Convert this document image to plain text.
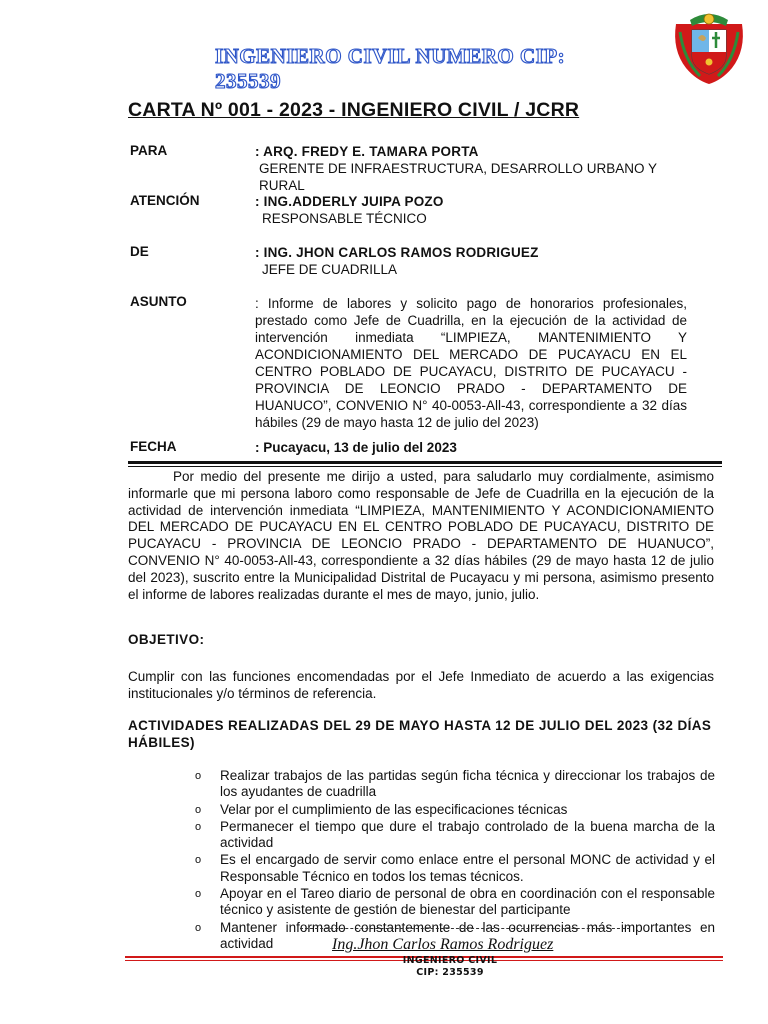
INGENIERO CIVIL NUMERO CIP: 235539
CARTA Nº 001 - 2023 - INGENIERO CIVIL / JCRR
PARA	: ARQ. FREDY E. TAMARA PORTA
GERENTE DE INFRAESTRUCTURA, DESARROLLO URBANO Y RURAL
ATENCIÓN	: ING.ADDERLY JUIPA POZO
RESPONSABLE TÉCNICO
DE	: ING. JHON CARLOS RAMOS RODRIGUEZ
JEFE DE CUADRILLA
ASUNTO	: Informe de labores y solicito pago de honorarios profesionales, prestado como Jefe de Cuadrilla, en la ejecución de la actividad de intervención inmediata “LIMPIEZA, MANTENIMIENTO Y ACONDICIONAMIENTO DEL MERCADO DE PUCAYACU EN EL CENTRO POBLADO DE PUCAYACU, DISTRITO DE PUCAYACU - PROVINCIA DE LEONCIO PRADO - DEPARTAMENTO DE HUANUCO”, CONVENIO N° 40-0053-All-43, correspondiente a 32 días hábiles (29 de mayo hasta 12 de julio del 2023)
FECHA	: Pucayacu, 13 de julio del 2023
Por medio del presente me dirijo a usted, para saludarlo muy cordialmente, asimismo informarle que mi persona laboro como responsable de Jefe de Cuadrilla en la ejecución de la actividad de intervención inmediata “LIMPIEZA, MANTENIMIENTO Y ACONDICIONAMIENTO DEL MERCADO DE PUCAYACU EN EL CENTRO POBLADO DE PUCAYACU, DISTRITO DE PUCAYACU - PROVINCIA DE LEONCIO PRADO - DEPARTAMENTO DE HUANUCO”, CONVENIO N° 40-0053-All-43, correspondiente a 32 días hábiles (29 de mayo hasta 12 de julio del 2023), suscrito entre la Municipalidad Distrital de Pucayacu y mi persona, asimismo presento el informe de labores realizadas durante el mes de mayo, junio, julio.
OBJETIVO:
Cumplir con las funciones encomendadas por el Jefe Inmediato de acuerdo a las exigencias institucionales y/o términos de referencia.
ACTIVIDADES REALIZADAS DEL 29 DE MAYO HASTA 12 DE JULIO DEL 2023 (32 DÍAS HÁBILES)
o Realizar trabajos de las partidas según ficha técnica y direccionar los trabajos de los ayudantes de cuadrilla
o Velar por el cumplimiento de las especificaciones técnicas
o Permanecer el tiempo que dure el trabajo controlado de la buena marcha de la actividad
o Es el encargado de servir como enlace entre el personal MONC de actividad y el Responsable Técnico en todos los temas técnicos.
o Apoyar en el Tareo diario de personal de obra en coordinación con el responsable técnico y asistente de gestión de bienestar del participante
o Mantener informado constantemente de las ocurrencias más importantes en actividad	Ing.Jhon Carlos Ramos Rodriguez
INGENIERO CIVIL
CIP: 235539
